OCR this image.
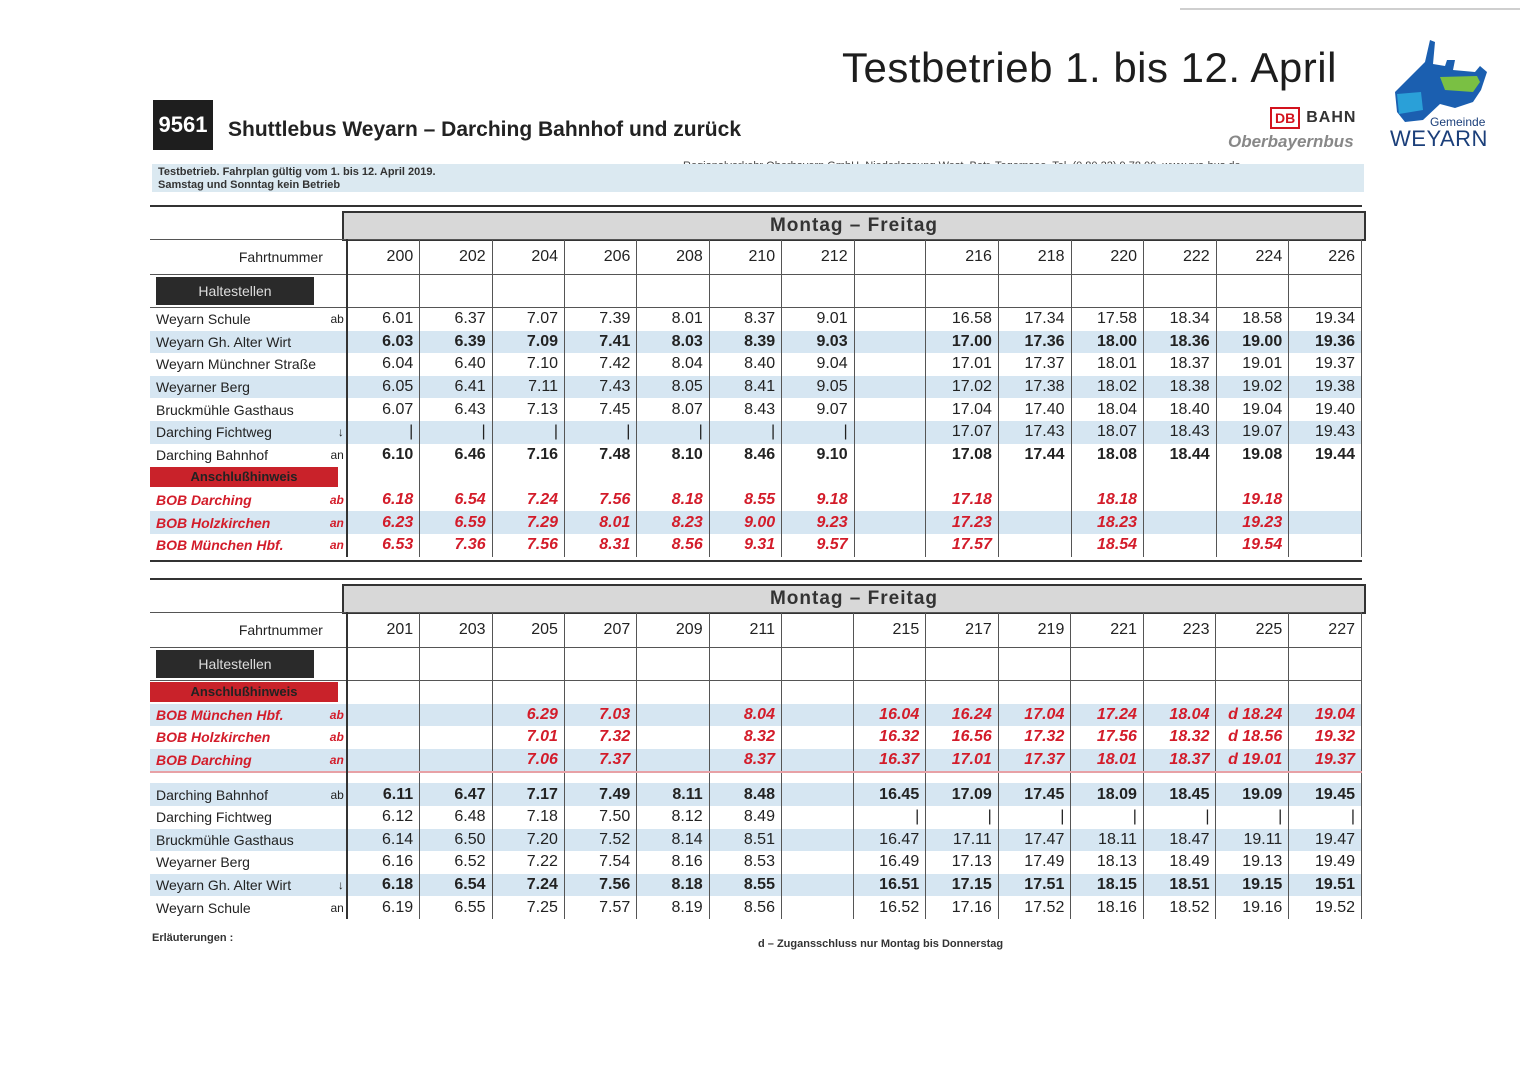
Testbetrieb 1. bis 12. April
9561 Shuttlebus Weyarn – Darching Bahnhof und zurück	DB BAHN
Oberbayernbus
Gemeinde
WEYARN
Testbetrieb. Fahrplan gültig vom 1. bis 12. April 2019.
Samstag und Sonntag kein Betrieb
Montag – Freitag
Fahrtnummer		200	202	204	206	208	210	212		216	218	220	222	224	226
Haltestellen															
Weyarn Schule	ab	6.01	6.37	7.07	7.39	8.01	8.37	9.01		16.58	17.34	17.58	18.34	18.58	19.34
Weyarn Gh. Alter Wirt		6.03	6.39	7.09	7.41	8.03	8.39	9.03		17.00	17.36	18.00	18.36	19.00	19.36
Weyarn Münchner Straße		6.04	6.40	7.10	7.42	8.04	8.40	9.04		17.01	17.37	18.01	18.37	19.01	19.37
Weyarner Berg		6.05	6.41	7.11	7.43	8.05	8.41	9.05		17.02	17.38	18.02	18.38	19.02	19.38
Bruckmühle Gasthaus		6.07	6.43	7.13	7.45	8.07	8.43	9.07		17.04	17.40	18.04	18.40	19.04	19.40
Darching Fichtweg	↓	|	|	|	|	|	|	|		17.07	17.43	18.07	18.43	19.07	19.43
Darching Bahnhof	an	6.10	6.46	7.16	7.48	8.10	8.46	9.10		17.08	17.44	18.08	18.44	19.08	19.44
Anschlußhinweis															
BOB Darching	ab	6.18	6.54	7.24	7.56	8.18	8.55	9.18		17.18		18.18		19.18	
BOB Holzkirchen	an	6.23	6.59	7.29	8.01	8.23	9.00	9.23		17.23		18.23		19.23	
BOB München Hbf.	an	6.53	7.36	7.56	8.31	8.56	9.31	9.57		17.57		18.54		19.54	
Montag – Freitag
Fahrtnummer		201	203	205	207	209	211		215	217	219	221	223	225	227
Haltestellen															
Anschlußhinweis															
BOB München Hbf.	ab			6.29	7.03		8.04		16.04	16.24	17.04	17.24	18.04	d 18.24	19.04
BOB Holzkirchen	ab			7.01	7.32		8.32		16.32	16.56	17.32	17.56	18.32	d 18.56	19.32
BOB Darching	an			7.06	7.37		8.37		16.37	17.01	17.37	18.01	18.37	d 19.01	19.37

Darching Bahnhof	ab	6.11	6.47	7.17	7.49	8.11	8.48		16.45	17.09	17.45	18.09	18.45	19.09	19.45
Darching Fichtweg		6.12	6.48	7.18	7.50	8.12	8.49		|	|	|	|	|	|	|
Bruckmühle Gasthaus		6.14	6.50	7.20	7.52	8.14	8.51		16.47	17.11	17.47	18.11	18.47	19.11	19.47
Weyarner Berg		6.16	6.52	7.22	7.54	8.16	8.53		16.49	17.13	17.49	18.13	18.49	19.13	19.49
Weyarn Gh. Alter Wirt	↓	6.18	6.54	7.24	7.56	8.18	8.55		16.51	17.15	17.51	18.15	18.51	19.15	19.51
Weyarn Schule	an	6.19	6.55	7.25	7.57	8.19	8.56		16.52	17.16	17.52	18.16	18.52	19.16	19.52
Erläuterungen :	d – Zugansschluss nur Montag bis Donnerstag
